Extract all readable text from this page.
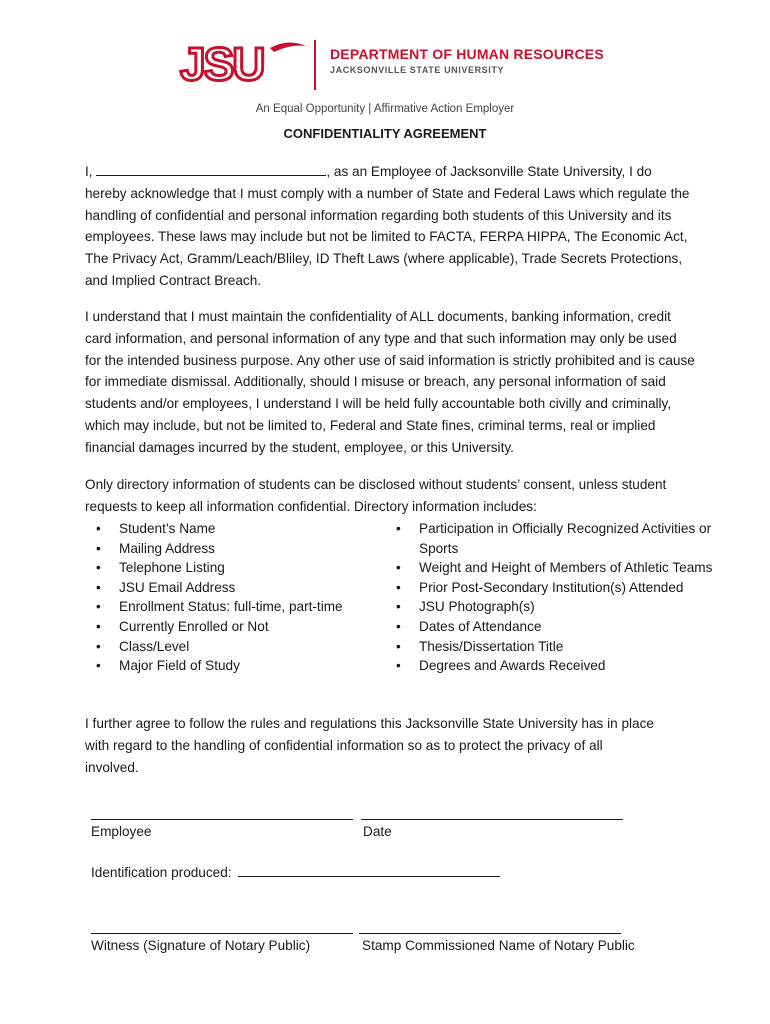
JSU	DEPARTMENT OF HUMAN RESOURCES
JACKSONVILLE STATE UNIVERSITY
An Equal Opportunity | Affirmative Action Employer
CONFIDENTIALITY AGREEMENT
I,	, as an Employee of Jacksonville State University, I do hereby acknowledge that I must comply with a number of State and Federal Laws which regulate the handling of confidential and personal information regarding both students of this University and its employees. These laws may include but not be limited to FACTA, FERPA HIPPA, The Economic Act, The Privacy Act, Gramm/Leach/Bliley, ID Theft Laws (where applicable), Trade Secrets Protections, and Implied Contract Breach.
I understand that I must maintain the confidentiality of ALL documents, banking information, credit card information, and personal information of any type and that such information may only be used for the intended business purpose. Any other use of said information is strictly prohibited and is cause for immediate dismissal. Additionally, should I misuse or breach, any personal information of said students and/or employees, I understand I will be held fully accountable both civilly and criminally, which may include, but not be limited to, Federal and State fines, criminal terms, real or implied financial damages incurred by the student, employee, or this University.
Only directory information of students can be disclosed without students’ consent, unless student requests to keep all information confidential. Directory information includes:
• Student’s Name
• Mailing Address
• Telephone Listing
• JSU Email Address
• Enrollment Status: full-time, part-time
• Currently Enrolled or Not
• Class/Level
• Major Field of Study
• Participation in Officially Recognized Activities or Sports
• Weight and Height of Members of Athletic Teams
• Prior Post-Secondary Institution(s) Attended
• JSU Photograph(s)
• Dates of Attendance
• Thesis/Dissertation Title
• Degrees and Awards Received
I further agree to follow the rules and regulations this Jacksonville State University has in place with regard to the handling of confidential information so as to protect the privacy of all involved.
Employee	Date
Identification produced:
Witness (Signature of Notary Public)	Stamp Commissioned Name of Notary Public
